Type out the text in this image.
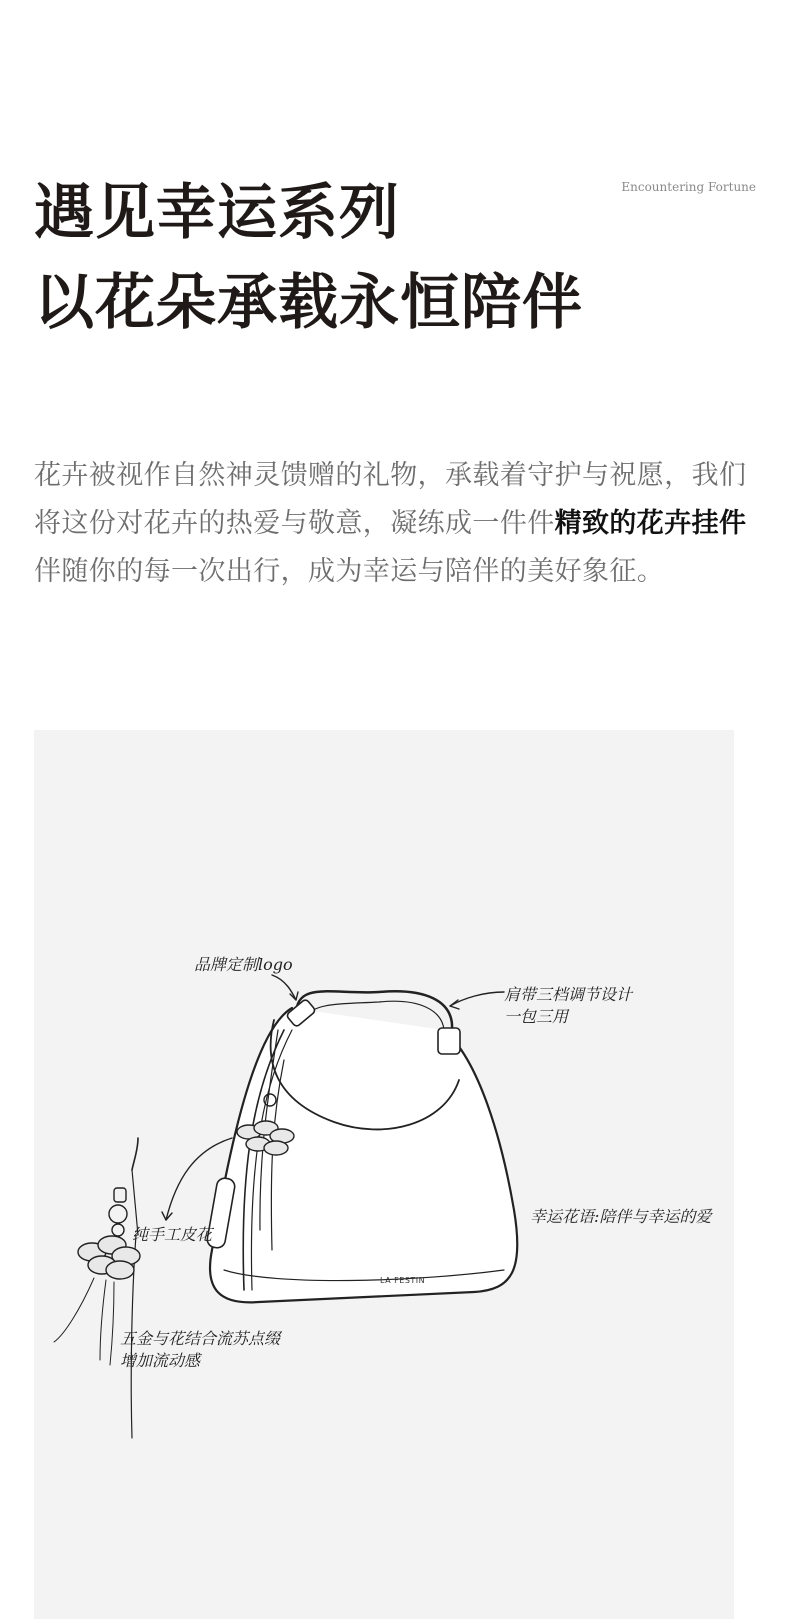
Encountering Fortune
遇见幸运系列
以花朵承载永恒陪伴

花卉被视作自然神灵馈赠的礼物，承载着守护与祝愿，我们将这份对花卉的热爱与敬意，凝练成一件件精致的花卉挂件伴随你的每一次出行，成为幸运与陪伴的美好象征。

LA FESTIN
品牌定制logo
肩带三档调节设计
一包三用
幸运花语:陪伴与幸运的爱
纯手工皮花
五金与花结合流苏点缀
增加流动感
